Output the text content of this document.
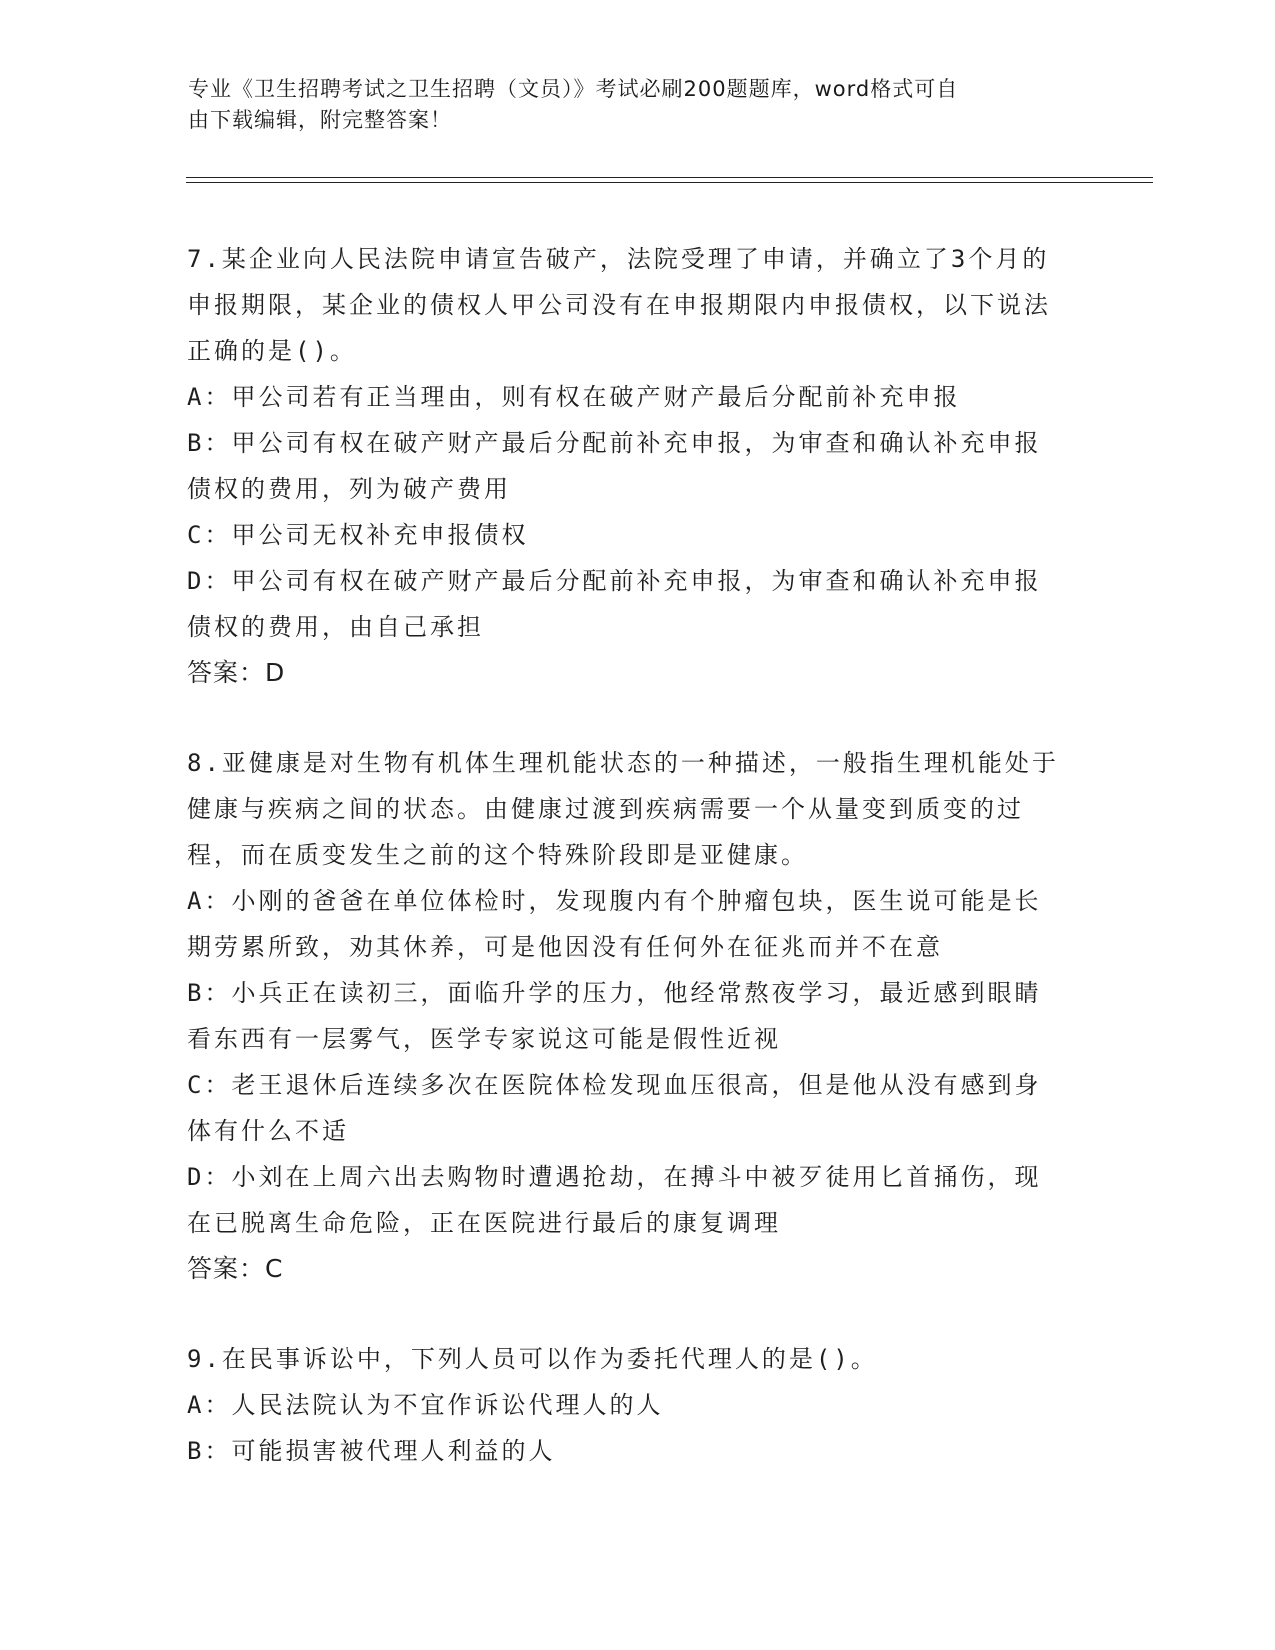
专业《卫生招聘考试之卫生招聘（文员）》考试必刷200题题库，word格式可自
由下载编辑，附完整答案！
7.某企业向人民法院申请宣告破产，法院受理了申请，并确立了3个月的申报期限，某企业的债权人甲公司没有在申报期限内申报债权，以下说法正确的是()。
A：甲公司若有正当理由，则有权在破产财产最后分配前补充申报
B：甲公司有权在破产财产最后分配前补充申报，为审查和确认补充申报债权的费用，列为破产费用
C：甲公司无权补充申报债权
D：甲公司有权在破产财产最后分配前补充申报，为审查和确认补充申报债权的费用，由自己承担
答案：D
8.亚健康是对生物有机体生理机能状态的一种描述，一般指生理机能处于健康与疾病之间的状态。由健康过渡到疾病需要一个从量变到质变的过程，而在质变发生之前的这个特殊阶段即是亚健康。
A：小刚的爸爸在单位体检时，发现腹内有个肿瘤包块，医生说可能是长期劳累所致，劝其休养，可是他因没有任何外在征兆而并不在意
B：小兵正在读初三，面临升学的压力，他经常熬夜学习，最近感到眼睛看东西有一层雾气，医学专家说这可能是假性近视
C：老王退休后连续多次在医院体检发现血压很高，但是他从没有感到身体有什么不适
D：小刘在上周六出去购物时遭遇抢劫，在搏斗中被歹徒用匕首捅伤，现在已脱离生命危险，正在医院进行最后的康复调理
答案：C
9.在民事诉讼中，下列人员可以作为委托代理人的是()。
A：人民法院认为不宜作诉讼代理人的人
B：可能损害被代理人利益的人
